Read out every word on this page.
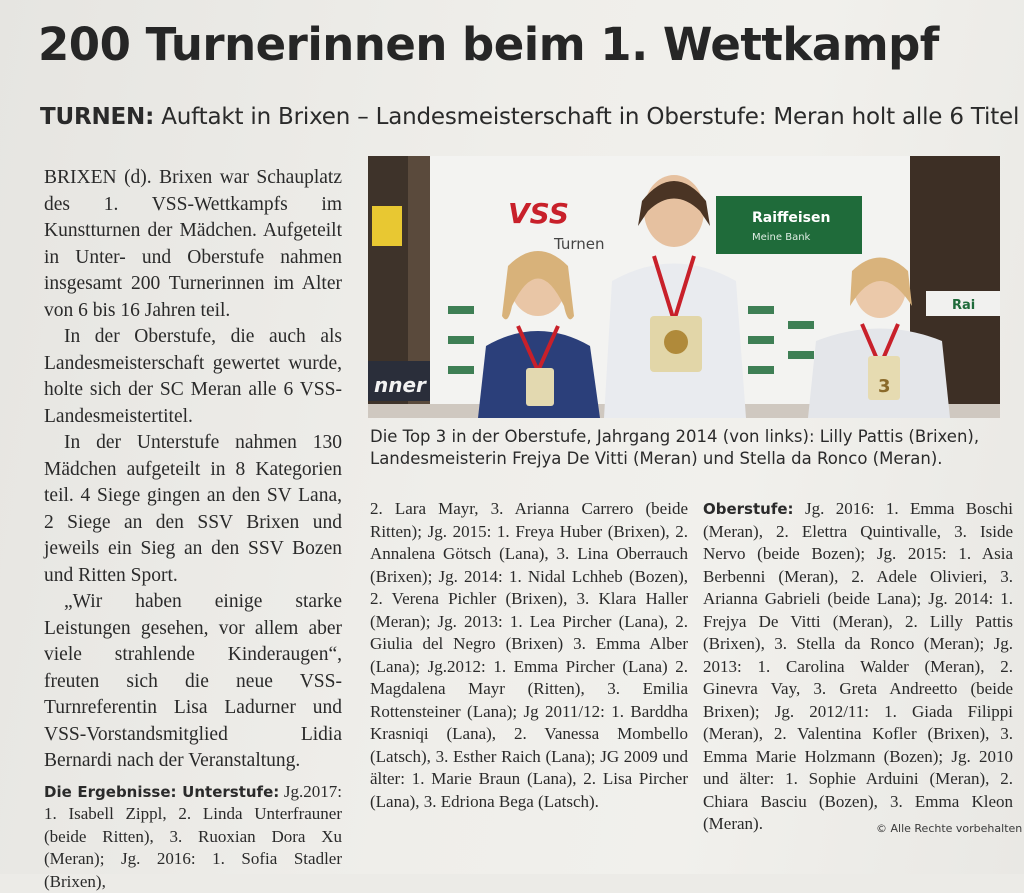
200 Turnerinnen beim 1. Wettkampf
TURNEN: Auftakt in Brixen – Landesmeisterschaft in Oberstufe: Meran holt alle 6 Titel

BRIXEN (d). Brixen war Schauplatz des 1. VSS-Wettkampfs im Kunstturnen der Mädchen. Aufgeteilt in Unter- und Oberstufe nahmen insgesamt 200 Turnerinnen im Alter von 6 bis 16 Jahren teil.

In der Oberstufe, die auch als Landesmeisterschaft gewertet wurde, holte sich der SC Meran alle 6 VSS-Landesmeistertitel.

In der Unterstufe nahmen 130 Mädchen aufgeteilt in 8 Kategorien teil. 4 Siege gingen an den SV Lana, 2 Siege an den SSV Brixen und jeweils ein Sieg an den SSV Bozen und Ritten Sport.

„Wir haben einige starke Leistungen gesehen, vor allem aber viele strahlende Kinderaugen“, freuten sich die neue VSS-Turnreferentin Lisa Ladurner und VSS-Vorstandsmitglied Lidia Bernardi nach der Veranstaltung.

Die Ergebnisse: Unterstufe: Jg.2017: 1. Isabell Zippl, 2. Linda Unterfrauner (beide Ritten), 3. Ruoxian Dora Xu (Meran); Jg. 2016: 1. Sofia Stadler (Brixen),

nner
VSS
Turnen
Raiffeisen
Meine Bank
Rai
3

Die Top 3 in der Oberstufe, Jahrgang 2014 (von links): Lilly Pattis (Brixen), Landesmeisterin Frejya De Vitti (Meran) und Stella da Ronco (Meran).

2. Lara Mayr, 3. Arianna Carrero (beide Ritten); Jg. 2015: 1. Freya Huber (Brixen), 2. Annalena Götsch (Lana), 3. Lina Oberrauch (Brixen); Jg. 2014: 1. Nidal Lchheb (Bozen), 2. Verena Pichler (Brixen), 3. Klara Haller (Meran); Jg. 2013: 1. Lea Pircher (Lana), 2. Giulia del Negro (Brixen) 3. Emma Alber (Lana); Jg.2012: 1. Emma Pircher (Lana) 2. Magdalena Mayr (Ritten), 3. Emilia Rottensteiner (Lana); Jg 2011/12: 1. Barddha Krasniqi (Lana), 2. Vanessa Mombello (Latsch), 3. Esther Raich (Lana); JG 2009 und älter: 1. Marie Braun (Lana), 2. Lisa Pircher (Lana), 3. Edriona Bega (Latsch).

Oberstufe: Jg. 2016: 1. Emma Boschi (Meran), 2. Elettra Quintivalle, 3. Iside Nervo (beide Bozen); Jg. 2015: 1. Asia Berbenni (Meran), 2. Adele Olivieri, 3. Arianna Gabrieli (beide Lana); Jg. 2014: 1. Frejya De Vitti (Meran), 2. Lilly Pattis (Brixen), 3. Stella da Ronco (Meran); Jg. 2013: 1. Carolina Walder (Meran), 2. Ginevra Vay, 3. Greta Andreetto (beide Brixen); Jg. 2012/11: 1. Giada Filippi (Meran), 2. Valentina Kofler (Brixen), 3. Emma Marie Holzmann (Bozen); Jg. 2010 und älter: 1. Sophie Arduini (Meran), 2. Chiara Basciu (Bozen), 3. Emma Kleon (Meran).	© Alle Rechte vorbehalten
